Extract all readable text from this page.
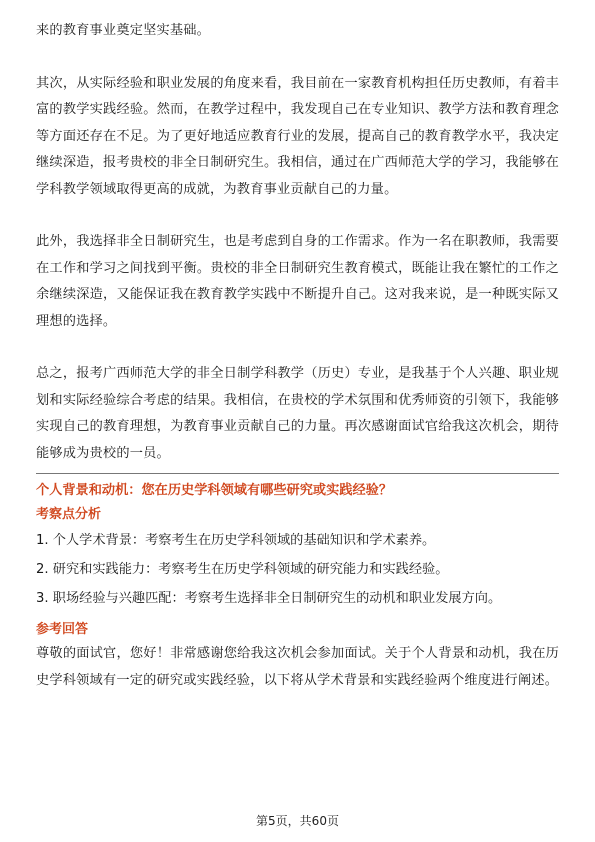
来的教育事业奠定坚实基础。

其次，从实际经验和职业发展的角度来看，我目前在一家教育机构担任历史教师，有着丰富的教学实践经验。然而，在教学过程中，我发现自己在专业知识、教学方法和教育理念等方面还存在不足。为了更好地适应教育行业的发展，提高自己的教育教学水平，我决定继续深造，报考贵校的非全日制研究生。我相信，通过在广西师范大学的学习，我能够在学科教学领域取得更高的成就，为教育事业贡献自己的力量。

此外，我选择非全日制研究生，也是考虑到自身的工作需求。作为一名在职教师，我需要在工作和学习之间找到平衡。贵校的非全日制研究生教育模式，既能让我在繁忙的工作之余继续深造，又能保证我在教育教学实践中不断提升自己。这对我来说，是一种既实际又理想的选择。

总之，报考广西师范大学的非全日制学科教学（历史）专业，是我基于个人兴趣、职业规划和实际经验综合考虑的结果。我相信，在贵校的学术氛围和优秀师资的引领下，我能够实现自己的教育理想，为教育事业贡献自己的力量。再次感谢面试官给我这次机会，期待能够成为贵校的一员。

个人背景和动机：您在历史学科领域有哪些研究或实践经验？

考察点分析

1. 个人学术背景：考察考生在历史学科领域的基础知识和学术素养。

2. 研究和实践能力：考察考生在历史学科领域的研究能力和实践经验。

3. 职场经验与兴趣匹配：考察考生选择非全日制研究生的动机和职业发展方向。

参考回答

尊敬的面试官，您好！非常感谢您给我这次机会参加面试。关于个人背景和动机，我在历史学科领域有一定的研究或实践经验，以下将从学术背景和实践经验两个维度进行阐述。

第5页，共60页
